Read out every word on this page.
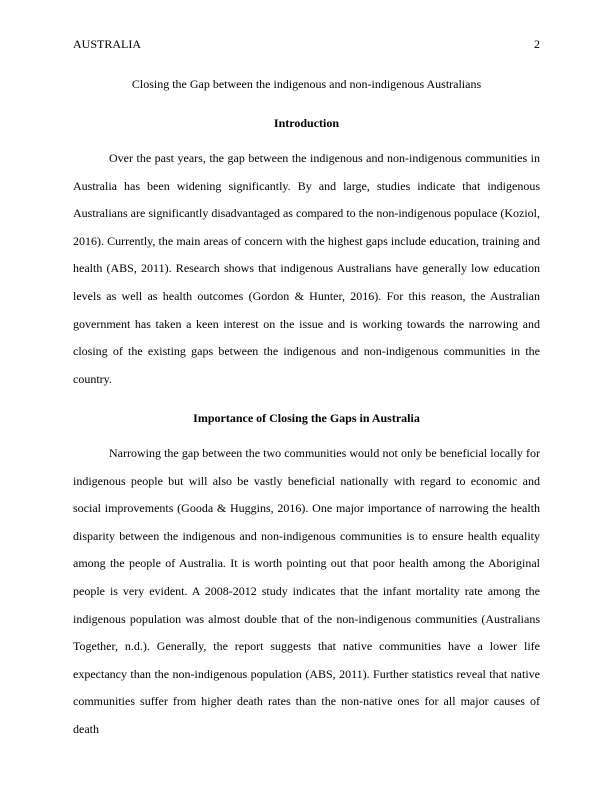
AUSTRALIA	2
Closing the Gap between the indigenous and non-indigenous Australians
Introduction

Over the past years, the gap between the indigenous and non-indigenous communities in Australia has been widening significantly. By and large, studies indicate that indigenous Australians are significantly disadvantaged as compared to the non-indigenous populace (Koziol, 2016). Currently, the main areas of concern with the highest gaps include education, training and health (ABS, 2011). Research shows that indigenous Australians have generally low education levels as well as health outcomes (Gordon & Hunter, 2016). For this reason, the Australian government has taken a keen interest on the issue and is working towards the narrowing and closing of the existing gaps between the indigenous and non-indigenous communities in the country.

Importance of Closing the Gaps in Australia

Narrowing the gap between the two communities would not only be beneficial locally for indigenous people but will also be vastly beneficial nationally with regard to economic and social improvements (Gooda & Huggins, 2016). One major importance of narrowing the health disparity between the indigenous and non-indigenous communities is to ensure health equality among the people of Australia. It is worth pointing out that poor health among the Aboriginal people is very evident. A 2008-2012 study indicates that the infant mortality rate among the indigenous population was almost double that of the non-indigenous communities (Australians Together, n.d.). Generally, the report suggests that native communities have a lower life expectancy than the non-indigenous population (ABS, 2011). Further statistics reveal that native communities suffer from higher death rates than the non-native ones for all major causes of death
